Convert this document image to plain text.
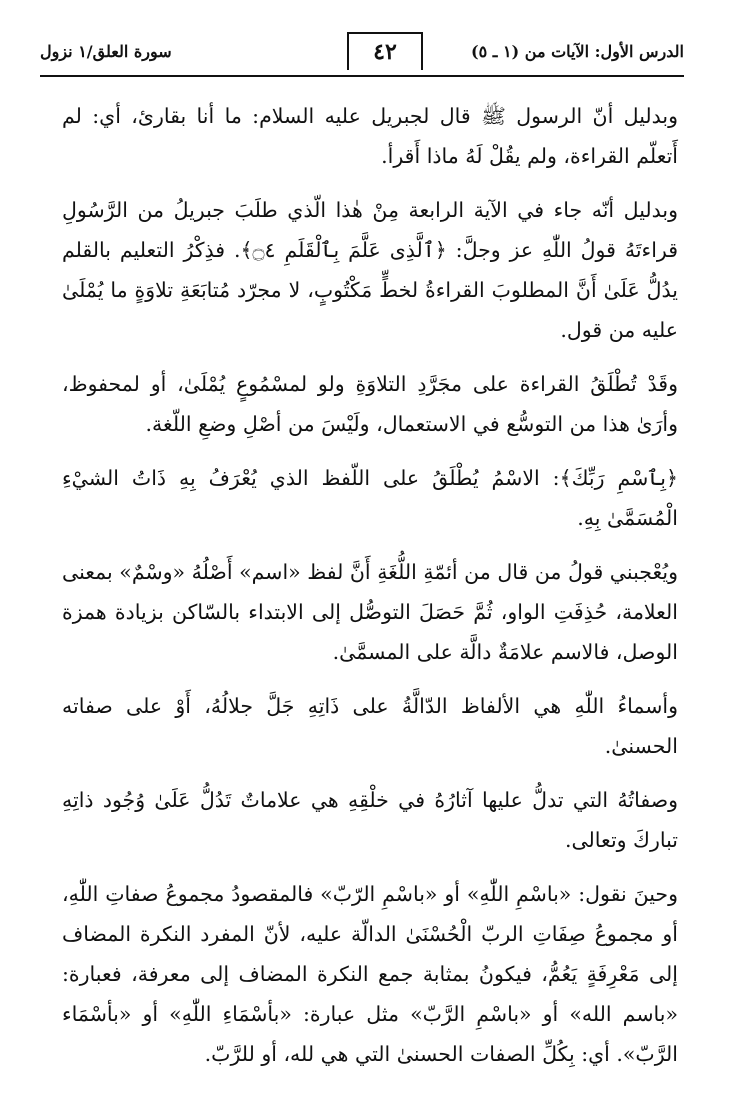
الدرس الأول: الآيات من (١ ـ ٥)
٤٢
سورة العلق/١ نزول

وبدليل أنّ الرسول ﷺ قال لجبريل عليه السلام: ما أنا بقارئ، أي: لم أَتعلّم القراءة، ولم يقُلْ لَهُ ماذا أَقرأ.

وبدليل أنّه جاء في الآية الرابعة مِنْ هٰذا الّذي طلَبَ جبريلُ من الرَّسُولِ قراءتَهُ قولُ اللّٰهِ عز وجلَّ: ﴿ٱلَّذِى عَلَّمَ بِٱلْقَلَمِ ۝٤﴾. فذِكْرُ التعليم بالقلم يدُلُّ عَلَىٰ أَنَّ المطلوبَ القراءةُ لخطٍّ مَكْتُوبٍ، لا مجرّد مُتابَعَةِ تلاوَةٍ ما يُمْلَىٰ عليه من قول.

وقَدْ تُطْلَقُ القراءة على مجَرَّدِ التلاوَةِ ولو لمسْمُوعٍ يُمْلَىٰ، أو لمحفوظ، وأرَىٰ هذا من التوسُّع في الاستعمال، ولَيْسَ من أصْلِ وضعِ اللّغة.

﴿بِٱسْمِ رَبِّكَ﴾: الاسْمُ يُطْلَقُ على اللّفظ الذي يُعْرَفُ بِهِ ذَاتُ الشيْءِ الْمُسَمَّىٰ بِهِ.

ويُعْجبني قولُ من قال من أئمّةِ اللُّغَةِ أَنَّ لفظ «اسم» أَصْلُهُ «وسْمٌ» بمعنى العلامة، حُذِفَتِ الواو، ثُمَّ حَصَلَ التوصُّل إلى الابتداء بالسّاكن بزيادة همزة الوصل، فالاسم علامَةٌ دالَّة على المسمَّىٰ.

وأسماءُ اللّٰهِ هي الألفاظ الدّالَّةُ على ذَاتِهِ جَلَّ جلالُهُ، أَوْ على صفاته الحسنىٰ.

وصفاتُهُ التي تدلُّ عليها آثارُهُ في خلْقِهِ هي علاماتٌ تَدُلُّ عَلَىٰ وُجُود ذاتِهِ تباركَ وتعالى.

وحينَ نقول: «باسْمِ اللّٰهِ» أو «باسْمِ الرّبّ» فالمقصودُ مجموعُ صفاتِ اللّٰهِ، أو مجموعُ صِفَاتِ الربّ الْحُسْنَىٰ الدالّة عليه، لأنّ المفرد النكرة المضاف إلى مَعْرِفَةٍ يَعُمُّ، فيكونُ بمثابة جمع النكرة المضاف إلى معرفة، فعبارة: «باسم الله» أو «باسْمِ الرَّبّ» مثل عبارة: «بأسْمَاءِ اللّٰهِ» أو «بأسْمَاء الرَّبّ». أي: بِكُلِّ الصفات الحسنىٰ التي هي لله، أو للرَّبّ.
